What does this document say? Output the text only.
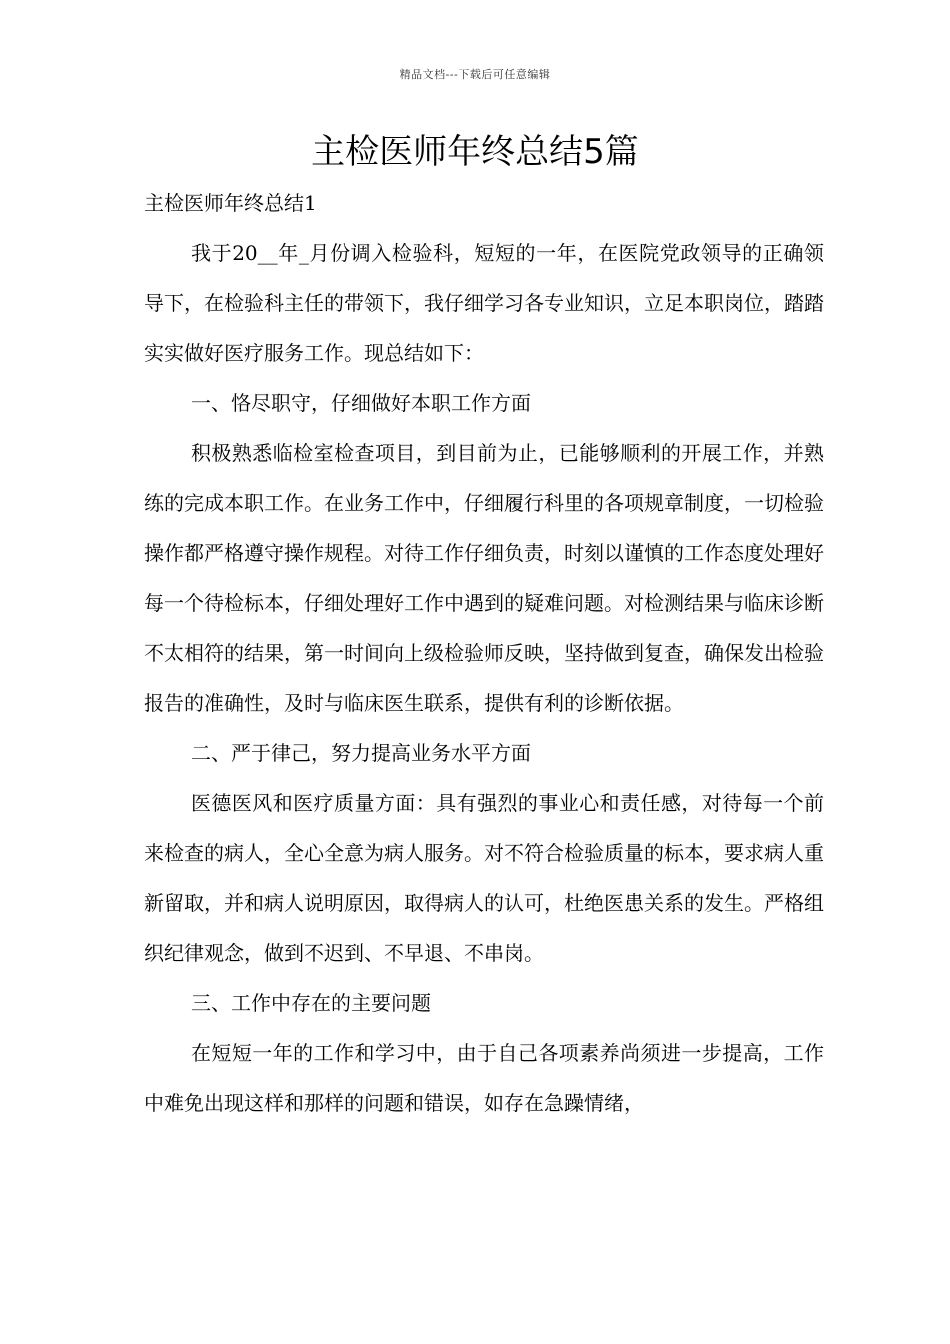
精品文档---下载后可任意编辑
主检医师年终总结5篇

主检医师年终总结1

我于20__年_月份调入检验科，短短的一年，在医院党政领导的正确领导下，在检验科主任的带领下，我仔细学习各专业知识，立足本职岗位，踏踏实实做好医疗服务工作。现总结如下：

一、恪尽职守，仔细做好本职工作方面

积极熟悉临检室检查项目，到目前为止，已能够顺利的开展工作，并熟练的完成本职工作。在业务工作中，仔细履行科里的各项规章制度，一切检验操作都严格遵守操作规程。对待工作仔细负责，时刻以谨慎的工作态度处理好每一个待检标本，仔细处理好工作中遇到的疑难问题。对检测结果与临床诊断不太相符的结果，第一时间向上级检验师反映，坚持做到复查，确保发出检验报告的准确性，及时与临床医生联系，提供有利的诊断依据。

二、严于律己，努力提高业务水平方面

医德医风和医疗质量方面：具有强烈的事业心和责任感，对待每一个前来检查的病人，全心全意为病人服务。对不符合检验质量的标本，要求病人重新留取，并和病人说明原因，取得病人的认可，杜绝医患关系的发生。严格组织纪律观念，做到不迟到、不早退、不串岗。

三、工作中存在的主要问题

在短短一年的工作和学习中，由于自己各项素养尚须进一步提高，工作中难免出现这样和那样的问题和错误，如存在急躁情绪，
